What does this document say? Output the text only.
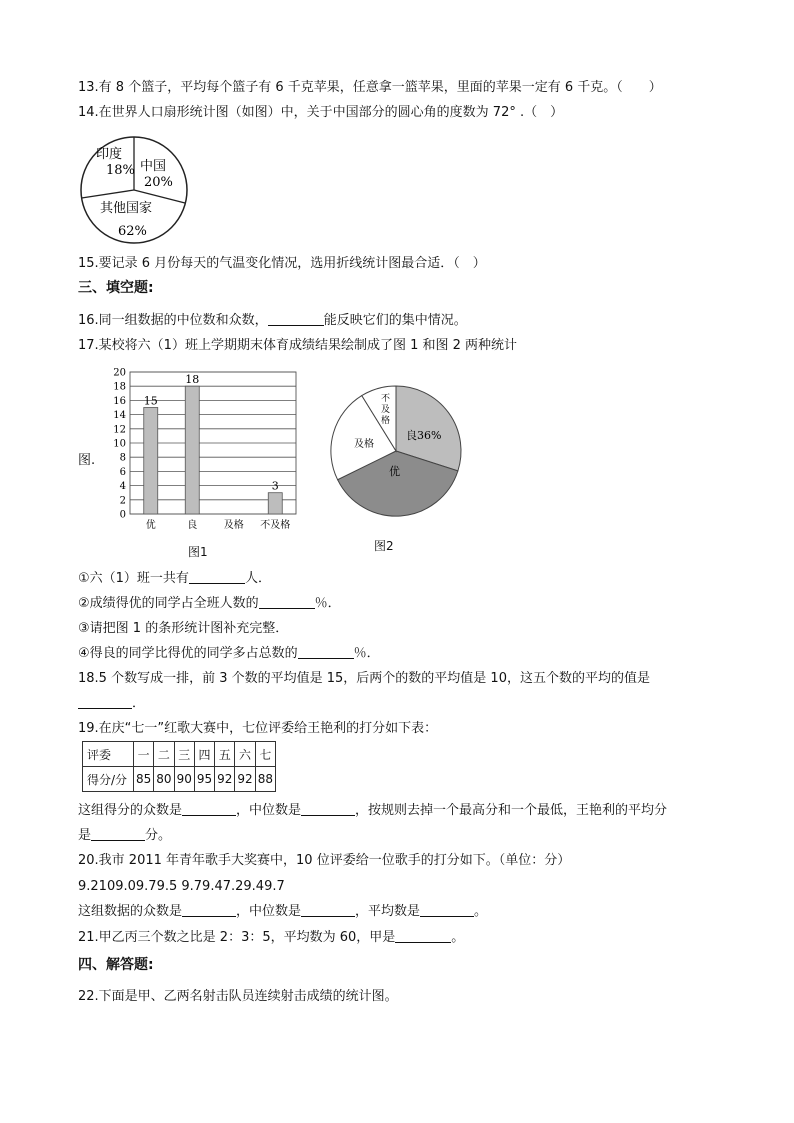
13.有 8 个篮子，平均每个篮子有 6 千克苹果，任意拿一篮苹果，里面的苹果一定有 6 千克。（　　）
14.在世界人口扇形统计图（如图）中，关于中国部分的圆心角的度数为 72° .（　）
印度
18% 中国
20%
其他国家
62%
15.要记录 6 月份每天的气温变化情况，选用折线统计图最合适．（　）
三、填空题:
16.同一组数据的中位数和众数，	能反映它们的集中情况。
17.某校将六（1）班上学期期末体育成绩结果绘制成了图 1 和图 2 两种统计
0
2
4
6
8
10
12
14
16
18
20
15
18
3
优	良	及格 不及格
图.
图1
不
及
格
及格
良36%
优
图2
①六（1）班一共有	人．
②成绩得优的同学占全班人数的	％．
③请把图 1 的条形统计图补充完整．
④得良的同学比得优的同学多占总数的	％．
18.5 个数写成一排，前 3 个数的平均值是 15，后两个的数的平均值是 10，这五个数的平均的值是
．
19.在庆“七一”红歌大赛中，七位评委给王艳利的打分如下表：
评委	一	二	三	四	五	六	七
得分/分	85	80	90	95	92	92	88
这组得分的众数是	，中位数是	，按规则去掉一个最高分和一个最低，王艳利的平均分
是	分。
20.我市 2011 年青年歌手大奖赛中，10 位评委给一位歌手的打分如下。（单位：分）
9.2109.09.79.5 9.79.47.29.49.7
这组数据的众数是	，中位数是	，平均数是	。
21.甲乙丙三个数之比是 2：3：5，平均数为 60，甲是	。
四、解答题:
22.下面是甲、乙两名射击队员连续射击成绩的统计图。
